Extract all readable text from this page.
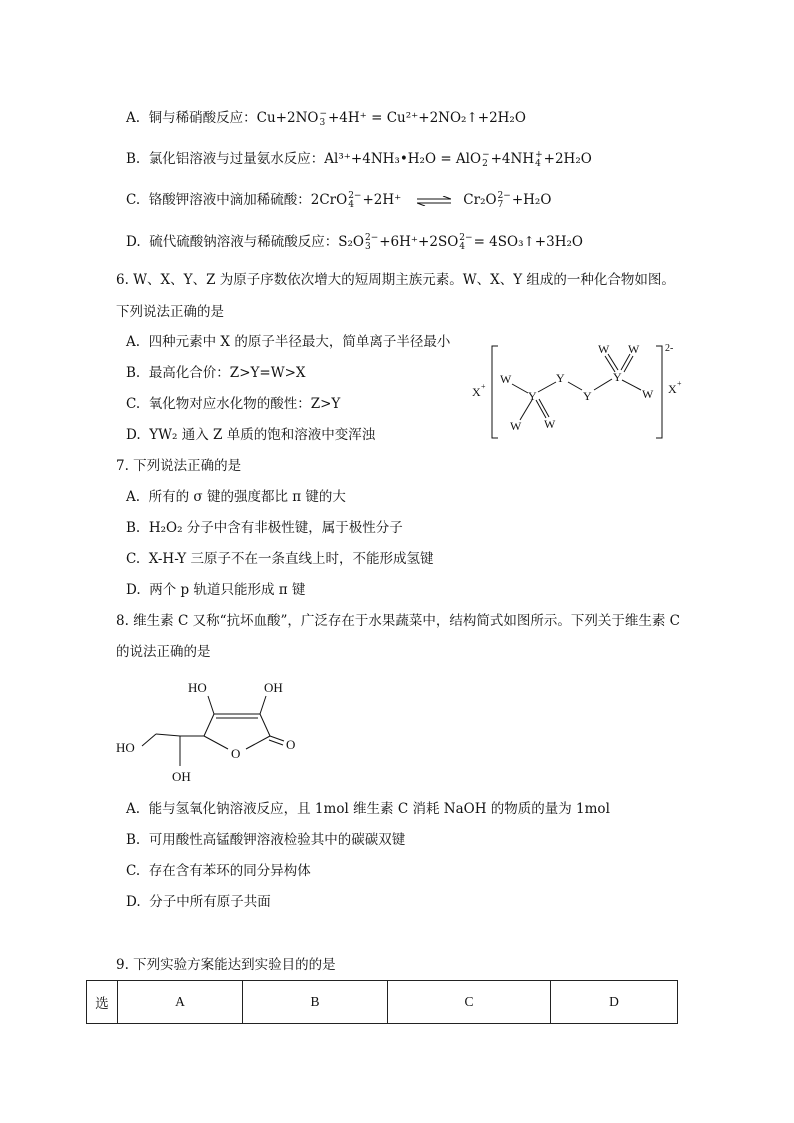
A. 铜与稀硝酸反应：Cu+2NO −
3 +4H⁺ = Cu²⁺+2NO₂↑+2H₂O
B. 氯化铝溶液与过量氨水反应：Al³⁺+4NH₃•H₂O = AlO −
2 +4NH +
4 +2H₂O
C. 铬酸钾溶液中滴加稀硫酸：2CrO 2−
4 +2H⁺ ⇌ Cr₂O 2−
7 +H₂O
D. 硫代硫酸钠溶液与稀硫酸反应：S₂O 2−
3 +6H⁺+2SO 2−
4 = 4SO₃↑+3H₂O
6. W、X、Y、Z 为原子序数依次增大的短周期主族元素。W、X、Y 组成的一种化合物如图。
下列说法正确的是
A. 四种元素中 X 的原子半径最大，简单离子半径最小
B. 最高化合价：Z>Y=W>X
C. 氧化物对应水化物的酸性：Z>Y
D. YW₂ 通入 Z 单质的饱和溶液中变浑浊
X +
W
Y
Y
Y
Y
W W
W W
W
2-
X +
7. 下列说法正确的是
A. 所有的 σ 键的强度都比 π 键的大
B. H₂O₂ 分子中含有非极性键，属于极性分子
C. X-H-Y 三原子不在一条直线上时，不能形成氢键
D. 两个 p 轨道只能形成 π 键
8. 维生素 C 又称“抗坏血酸”，广泛存在于水果蔬菜中，结构简式如图所示。下列关于维生素 C
的说法正确的是
HO	OH
HO
OH
O
O
A. 能与氢氧化钠溶液反应，且 1mol 维生素 C 消耗 NaOH 的物质的量为 1mol
B. 可用酸性高锰酸钾溶液检验其中的碳碳双键
C. 存在含有苯环的同分异构体
D. 分子中所有原子共面
9. 下列实验方案能达到实验目的的是
选	A	B	C	D
